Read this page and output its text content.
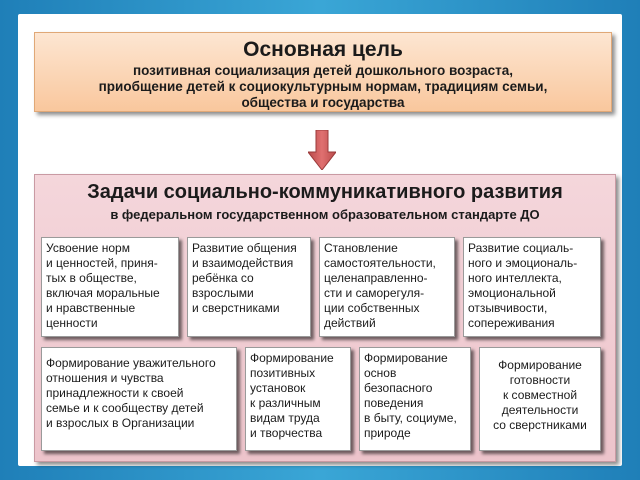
Основная цель
позитивная социализация детей дошкольного возраста,
приобщение детей к социокультурным нормам, традициям семьи,
общества и государства
Задачи социально-коммуникативного развития
в федеральном государственном образовательном стандарте ДО
Усвоение норм
и ценностей, приня-
тых в обществе,
включая моральные
и нравственные
ценности
Развитие общения
и взаимодействия
ребёнка со
взрослыми
и сверстниками
Становление
самостоятельности,
целенаправленно-
сти и саморегуля-
ции собственных
действий
Развитие социаль-
ного и эмоциональ-
ного интеллекта,
эмоциональной
отзывчивости,
сопереживания
Формирование уважительного
отношения и чувства
принадлежности к своей
семье и к сообществу детей
и взрослых в Организации
Формирование
позитивных
установок
к различным
видам труда
и творчества
Формирование
основ
безопасного
поведения
в быту, социуме,
природе
Формирование
готовности
к совместной
деятельности
со сверстниками
